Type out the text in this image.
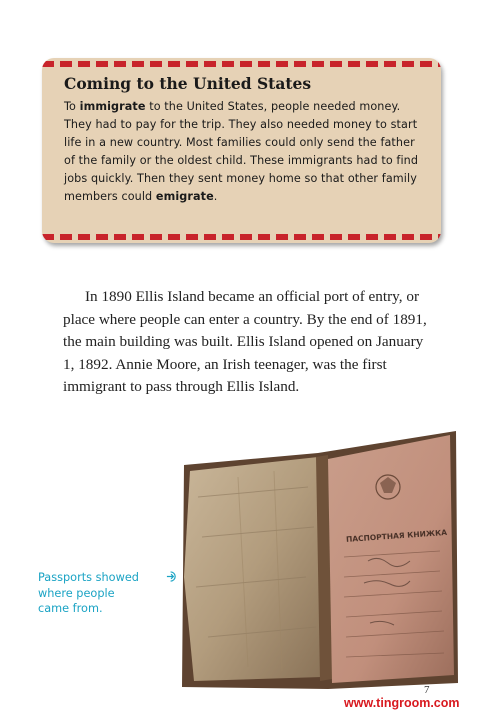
Coming to the United States

To immigrate to the United States, people needed money. They had to pay for the trip. They also needed money to start life in a new country. Most families could only send the father of the family or the oldest child. These immigrants had to find jobs quickly. Then they sent money home so that other family members could emigrate.

In 1890 Ellis Island became an official port of entry, or place where people can enter a country. By the end of 1891, the main building was built. Ellis Island opened on January 1, 1892. Annie Moore, an Irish teenager, was the first immigrant to pass through Ellis Island.

Passports showed
where people
came from.

ПАСПОРТНАЯ КНИЖКА
7
www.tingroom.com
